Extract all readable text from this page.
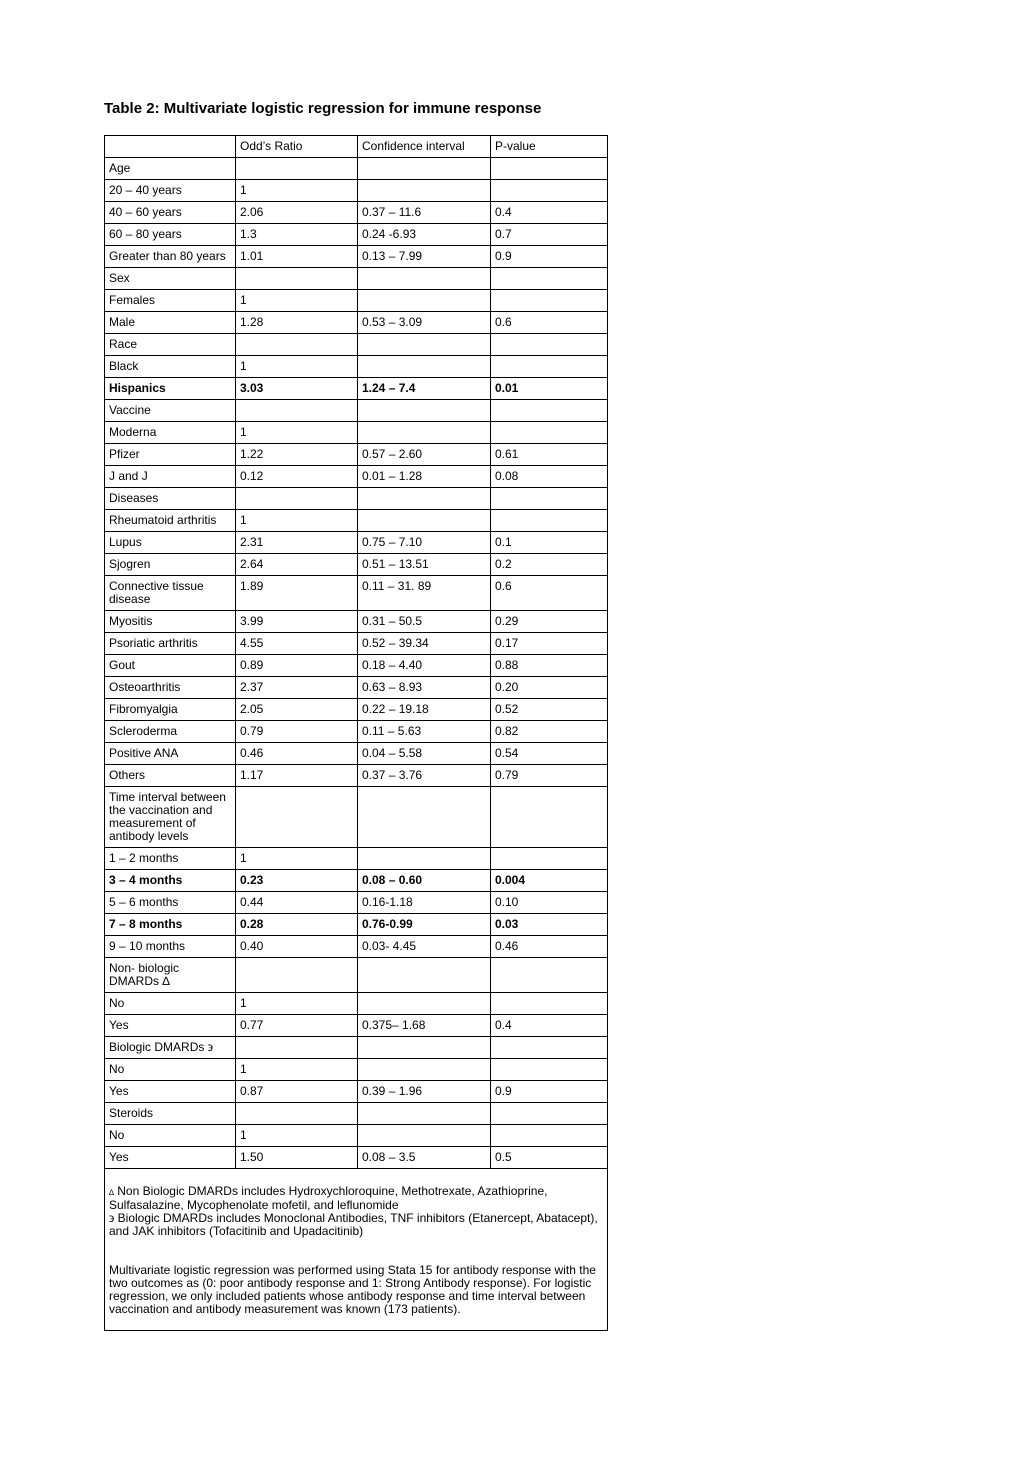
Table 2: Multivariate logistic regression for immune response
	Odd’s Ratio	Confidence interval	P-value
Age			
20 – 40 years	1		
40 – 60 years	2.06	0.37 – 11.6	0.4
60 – 80 years	1.3	0.24 -6.93	0.7
Greater than 80 years	1.01	0.13 – 7.99	0.9
Sex			
Females	1		
Male	1.28	0.53 – 3.09	0.6
Race			
Black	1		
Hispanics	3.03	1.24 – 7.4	0.01
Vaccine			
Moderna	1		
Pfizer	1.22	0.57 – 2.60	0.61
J and J	0.12	0.01 – 1.28	0.08
Diseases			
Rheumatoid arthritis	1		
Lupus	2.31	0.75 – 7.10	0.1
Sjogren	2.64	0.51 – 13.51	0.2
Connective tissue disease	1.89	0.11 – 31. 89	0.6
Myositis	3.99	0.31 – 50.5	0.29
Psoriatic arthritis	4.55	0.52 – 39.34	0.17
Gout	0.89	0.18 – 4.40	0.88
Osteoarthritis	2.37	0.63 – 8.93	0.20
Fibromyalgia	2.05	0.22 – 19.18	0.52
Scleroderma	0.79	0.11 – 5.63	0.82
Positive ANA	0.46	0.04 – 5.58	0.54
Others	1.17	0.37 – 3.76	0.79
Time interval between the vaccination and measurement of antibody levels			
1 – 2 months	1		
3 – 4 months	0.23	0.08 – 0.60	0.004
5 – 6 months	0.44	0.16-1.18	0.10
7 – 8 months	0.28	0.76-0.99	0.03
9 – 10 months	0.40	0.03- 4.45	0.46
Non- biologic DMARDs ∆			
No	1		
Yes	0.77	0.375– 1.68	0.4
Biologic DMARDs ϶			
No	1		
Yes	0.87	0.39 – 1.96	0.9
Steroids			
No	1		
Yes	1.50	0.08 – 3.5	0.5

∆ Non Biologic DMARDs includes Hydroxychloroquine, Methotrexate, Azathioprine, Sulfasalazine, Mycophenolate mofetil, and leflunomide
϶ Biologic DMARDs includes Monoclonal Antibodies, TNF inhibitors (Etanercept, Abatacept), and JAK inhibitors (Tofacitinib and Upadacitinib)
Multivariate logistic regression was performed using Stata 15 for antibody response with the two outcomes as (0: poor antibody response and 1: Strong Antibody response). For logistic regression, we only included patients whose antibody response and time interval between vaccination and antibody measurement was known (173 patients).			
